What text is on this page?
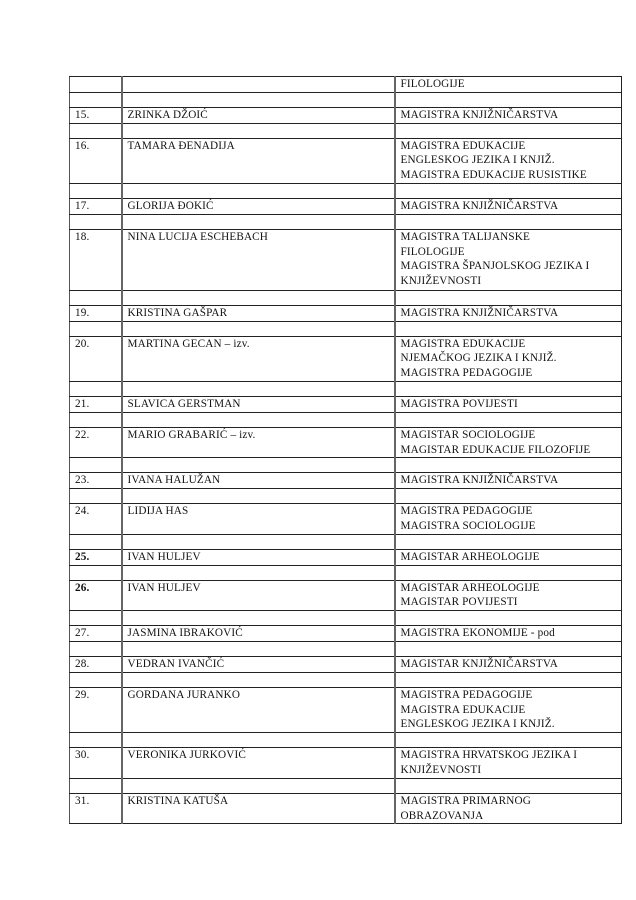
		FILOLOGIJE

15.	ZRINKA DŽOIĆ	MAGISTRA KNJIŽNIČARSTVA

16.	TAMARA ĐENADIJA	MAGISTRA EDUKACIJE
ENGLESKOG JEZIKA I KNJIŽ.
MAGISTRA EDUKACIJE RUSISTIKE

17.	GLORIJA ĐOKIĆ	MAGISTRA KNJIŽNIČARSTVA

18.	NINA LUCIJA ESCHEBACH	MAGISTRA TALIJANSKE
FILOLOGIJE
MAGISTRA ŠPANJOLSKOG JEZIKA I
KNJIŽEVNOSTI

19.	KRISTINA GAŠPAR	MAGISTRA KNJIŽNIČARSTVA

20.	MARTINA GECAN – izv.	MAGISTRA EDUKACIJE
NJEMAČKOG JEZIKA I KNJIŽ.
MAGISTRA PEDAGOGIJE

21.	SLAVICA GERSTMAN	MAGISTRA POVIJESTI

22.	MARIO GRABARIĆ – izv.	MAGISTAR SOCIOLOGIJE
MAGISTAR EDUKACIJE FILOZOFIJE

23.	IVANA HALUŽAN	MAGISTRA KNJIŽNIČARSTVA

24.	LIDIJA HAS	MAGISTRA PEDAGOGIJE
MAGISTRA SOCIOLOGIJE

25.	IVAN HULJEV	MAGISTAR ARHEOLOGIJE

26.	IVAN HULJEV	MAGISTAR ARHEOLOGIJE
MAGISTAR POVIJESTI

27.	JASMINA IBRAKOVIĆ	MAGISTRA EKONOMIJE - pod

28.	VEDRAN IVANČIĆ	MAGISTAR KNJIŽNIČARSTVA

29.	GORDANA JURANKO	MAGISTRA PEDAGOGIJE
MAGISTRA EDUKACIJE
ENGLESKOG JEZIKA I KNJIŽ.

30.	VERONIKA JURKOVIĆ	MAGISTRA HRVATSKOG JEZIKA I
KNJIŽEVNOSTI

31.	KRISTINA KATUŠA	MAGISTRA PRIMARNOG
OBRAZOVANJA
